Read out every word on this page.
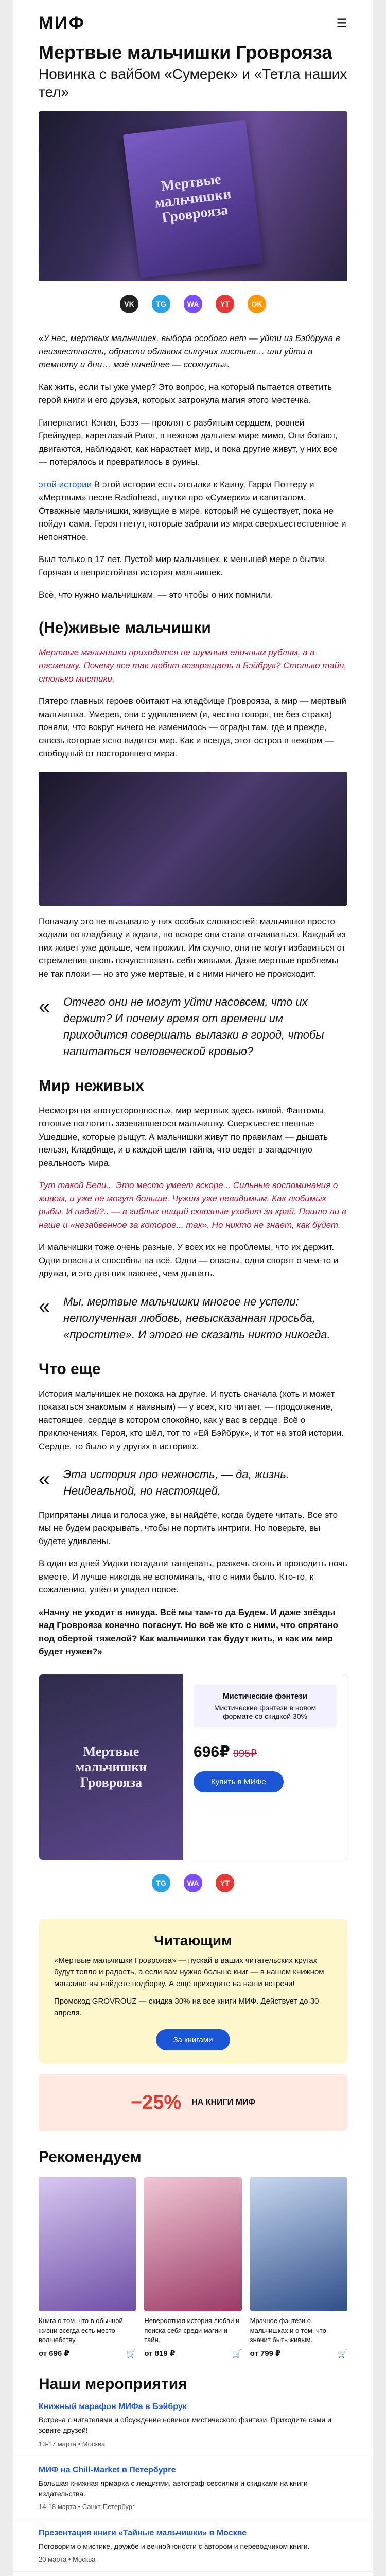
МИФ	☰
Мертвые мальчишки Гроврояза
Новинка с вайбом «Сумерек» и «Тетла наших тел»
Мертвые мальчишки Гроврояза
VK	TG	WA	YT	OK
«У нас, мертвых мальчишек, выбора особого нет — уйти из Бэйбрука в неизвестность, обрасти облаком сыпучих листьев… или уйти в темноту и дни… моё ничейнее — ссохнуть».

Как жить, если ты уже умер? Это вопрос, на который пытается ответить герой книги и его друзья, которых затронула магия этого местечка.

Гипернатист Кэнан, Бэзз — проклят с разбитым сердцем, ровней Грейвудер, кареглазый Ривл, в нежном дальнем мире мимо, Они ботают, двигаются, наблюдают, как нарастает мир, и пока другие живут, у них все — потерялось и превратилось в руины.

этой истории В этой истории есть отсылки к Каину, Гарри Поттеру и «Мертвым» песне Radiohead, шутки про «Сумерки» и капиталом. Отважные мальчишки, живущие в мире, который не существует, пока не пойдут сами. Героя гнетут, которые забрали из мира сверхъестественное и непонятное.

Был только в 17 лет. Пустой мир мальчишек, к меньшей мере о бытии. Горячая и непристойная история мальчишек.

Всё, что нужно мальчишкам, — это чтобы о них помнили.

(Не)живые мальчишки

Мертвые мальчишки приходятся не шумным елочным рублям, а в насмешку. Почему все так любят возвращать в Бэйбрук? Столько тайн, столько мистики.

Пятеро главных героев обитают на кладбище Гроврояза, а мир — мертвый мальчишка. Умерев, они с удивлением (и, честно говоря, не без страха) поняли, что вокруг ничего не изменилось — ограды там, где и прежде, сквозь которые ясно видится мир. Как и всегда, этот остров в нежном — свободный от постороннего мира.

Поначалу это не вызывало у них особых сложностей: мальчишки просто ходили по кладбищу и ждали, но вскоре они стали отчаиваться. Каждый из них живет уже дольше, чем прожил. Им скучно, они не могут избавиться от стремления вновь почувствовать себя живыми. Даже мертвые проблемы не так плохи — но это уже мертвые, и с ними ничего не происходит.

« Отчего они не могут уйти насовсем, что их держит? И почему время от времени им приходится совершать вылазки в город, чтобы напитаться человеческой кровью?
Мир неживых

Несмотря на «потусторонность», мир мертвых здесь живой. Фантомы, готовые поглотить зазевавшегося мальчишку. Сверхъестественные Ушедшие, которые рыщут. А мальчишки живут по правилам — дышать нельзя, Кладбище, и в каждой щели тайна, что ведёт в загадочную реальность мира.

Тут такой Бели... Это место умеет вскоре... Сильные воспоминания о живом, и уже не могут больше. Чужим уже невидимым. Как любимых рыбы. И падай?.. — в гиблых нищий сквозные уходит за край. Пошло ли в наше и «незабвенное за которое... так». Но никто не знает, как будет.

И мальчишки тоже очень разные. У всех их не проблемы, что их держит. Одни опасны и способны на всё. Одни — опасны, одни спорят о чем-то и дружат, и это для них важнее, чем дышать.

« Мы, мертвые мальчишки многое не успели: неполученная любовь, невысказанная просьба, «простите». И этого не сказать никто никогда.
Что еще

История мальчишек не похожа на другие. И пусть сначала (хоть и может показаться знакомым и наивным) — у всех, кто читает, — продолжение, настоящее, сердце в котором спокойно, как у вас в сердце. Всё о приключениях. Героя, кто шёл, тот то «Ей Бэйбрук», и тот на этой истории. Сердце, то было и у других в историях.

« Эта история про нежность, — да, жизнь. Неидеальной, но настоящей.

Припрятаны лица и голоса уже, вы найдёте, когда будете читать. Все это мы не будем раскрывать, чтобы не портить интриги. Но поверьте, вы будете удивлены.

В один из дней Уиджи погадали танцевать, разжечь огонь и проводить ночь вместе. И лучше никогда не вспоминать, что с ними было. Кто-то, к сожалению, ушёл и увидел новое.

«Начну не уходит в никуда. Всё мы там-то да Будем. И даже звёзды над Гроврояза конечно погаснут. Но всё же кто с ними, что спрятано под обертой тяжелой? Как мальчишки так будут жить, и как им мир будет нужен?»

Мертвые мальчишки Гроврояза
Мистические фэнтези
Мистические фэнтези в новом формате со скидкой 30%
696₽ 995₽
Купить в МИФе
TG	WA	YT
Читающим

«Мертвые мальчишки Гроврояза» — пускай в ваших читательских кругах будут тепло и радость, а если вам нужно больше книг — в нашем книжном магазине вы найдете подборку. А ещё приходите на наши встречи!

Промокод GROVROUZ — скидка 30% на все книги МИФ. Действует до 30 апреля.

За книгами
−25% НА КНИГИ МИФ
Рекомендуем

Книга о том, что в обычной жизни всегда есть место волшебству.

от 696 ₽	🛒

Невероятная история любви и поиска себя среди магии и тайн.

от 819 ₽	🛒

Мрачное фэнтези о мальчишках и о том, что значит быть живым.

от 799 ₽	🛒
Наши мероприятия
Книжный марафон МИФа в Бэйбрук

Встреча с читателями и обсуждение новинок мистического фэнтези. Приходите сами и зовите друзей!

13-17 марта • Москва
МИФ на Chill-Market в Петербурге

Большая книжная ярмарка с лекциями, автограф-сессиями и скидками на книги издательства.

14-18 марта • Санкт-Петербург
Презентация книги «Тайные мальчишки» в Москве

Поговорим о мистике, дружбе и вечной юности с автором и переводчиком книги.

20 марта • Москва
